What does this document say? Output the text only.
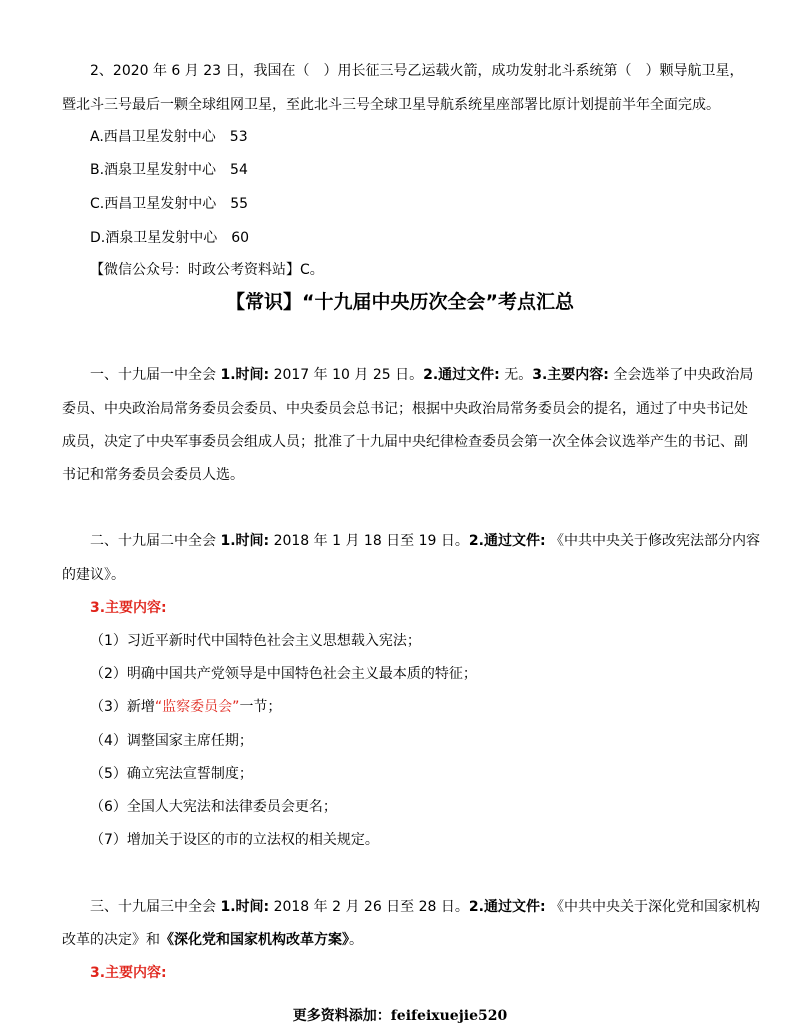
2、2020 年 6 月 23 日，我国在（　）用长征三号乙运载火箭，成功发射北斗系统第（　）颗导航卫星，
暨北斗三号最后一颗全球组网卫星，至此北斗三号全球卫星导航系统星座部署比原计划提前半年全面完成。
A.西昌卫星发射中心　53
B.酒泉卫星发射中心　54
C.西昌卫星发射中心　55
D.酒泉卫星发射中心　60
【微信公众号：时政公考资料站】C。
【常识】“十九届中央历次全会”考点汇总
一、十九届一中全会 1.时间: 2017 年 10 月 25 日。2.通过文件: 无。3.主要内容: 全会选举了中央政治局
委员、中央政治局常务委员会委员、中央委员会总书记；根据中央政治局常务委员会的提名，通过了中央书记处
成员，决定了中央军事委员会组成人员；批准了十九届中央纪律检查委员会第一次全体会议选举产生的书记、副
书记和常务委员会委员人选。
二、十九届二中全会 1.时间: 2018 年 1 月 18 日至 19 日。2.通过文件: 《中共中央关于修改宪法部分内容
的建议》。
3.主要内容:
（1）习近平新时代中国特色社会主义思想载入宪法；
（2）明确中国共产党领导是中国特色社会主义最本质的特征；
（3）新增“监察委员会”一节；
（4）调整国家主席任期；
（5）确立宪法宣誓制度；
（6）全国人大宪法和法律委员会更名；
（7）增加关于设区的市的立法权的相关规定。
三、十九届三中全会 1.时间: 2018 年 2 月 26 日至 28 日。2.通过文件: 《中共中央关于深化党和国家机构
改革的决定》和《深化党和国家机构改革方案》。
3.主要内容:
更多资料添加：feifeixuejie520
